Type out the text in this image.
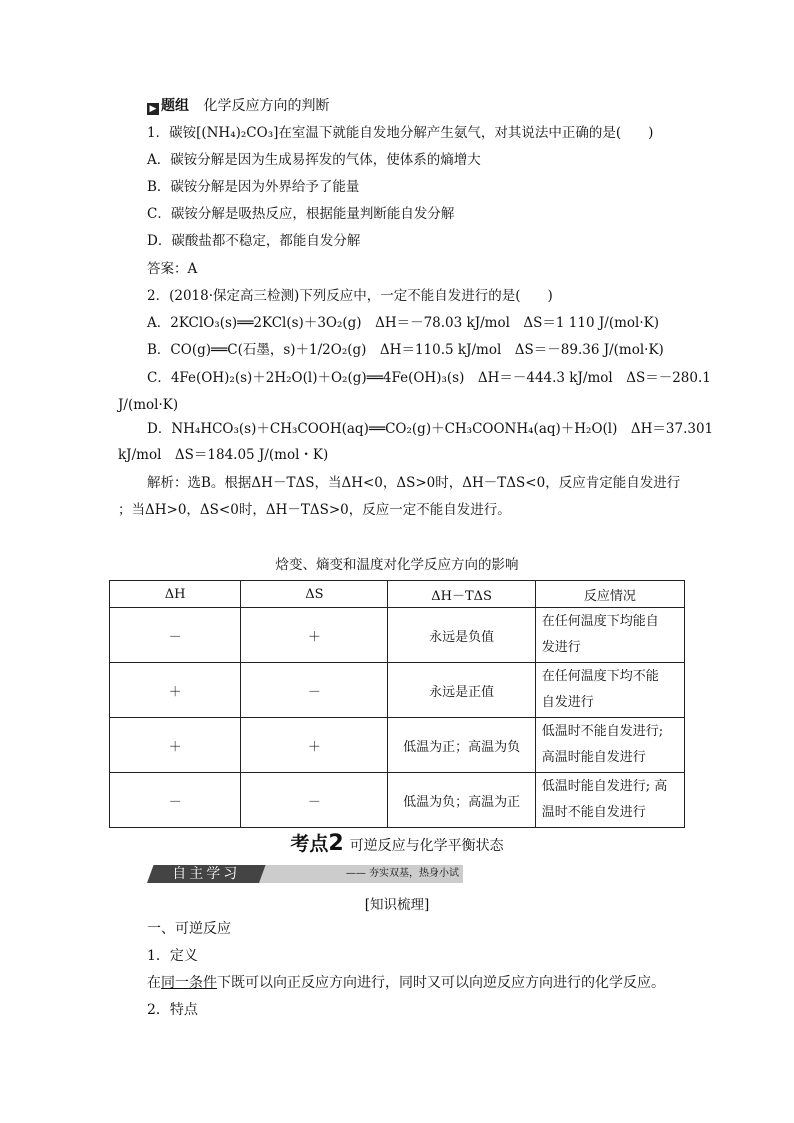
▶ 题组 化学反应方向的判断
1．碳铵[(NH₄)₂CO₃]在室温下就能自发地分解产生氨气，对其说法中正确的是(　　)
A．碳铵分解是因为生成易挥发的气体，使体系的熵增大
B．碳铵分解是因为外界给予了能量
C．碳铵分解是吸热反应，根据能量判断能自发分解
D．碳酸盐都不稳定，都能自发分解
答案：A
2．(2018·保定高三检测)下列反应中，一定不能自发进行的是(　　)
A．2KClO₃(s)══2KCl(s)＋3O₂(g)　ΔH＝－78.03 kJ/mol　ΔS＝1 110 J/(mol·K)
B．CO(g)══C(石墨，s)＋1/2O₂(g)　ΔH＝110.5 kJ/mol　ΔS＝－89.36 J/(mol·K)
C．4Fe(OH)₂(s)＋2H₂O(l)＋O₂(g)══4Fe(OH)₃(s)　ΔH＝－444.3 kJ/mol　ΔS＝－280.1
J/(mol·K)
D．NH₄HCO₃(s)＋CH₃COOH(aq)══CO₂(g)＋CH₃COONH₄(aq)＋H₂O(l)　ΔH＝37.301
kJ/mol　ΔS＝184.05 J/(mol・K)
解析：选B。根据ΔH－TΔS，当ΔH<0，ΔS>0时，ΔH－TΔS<0，反应肯定能自发进行
；当ΔH>0，ΔS<0时，ΔH－TΔS>0，反应一定不能自发进行。
焓变、熵变和温度对化学反应方向的影响
ΔH	ΔS	ΔH－TΔS	反应情况
－	＋	永远是负值	在任何温度下均能自
发进行
＋	－	永远是正值	在任何温度下均不能
自发进行
＋	＋	低温为正；高温为负	低温时不能自发进行;
高温时能自发进行
－	－	低温为负；高温为正	低温时能自发进行; 高
温时不能自发进行
考点2 可逆反应与化学平衡状态
—— 夯实双基，热身小试
自主学习
[知识梳理]
一、可逆反应
1．定义
在同一条件下既可以向正反应方向进行，同时又可以向逆反应方向进行的化学反应。
2．特点
